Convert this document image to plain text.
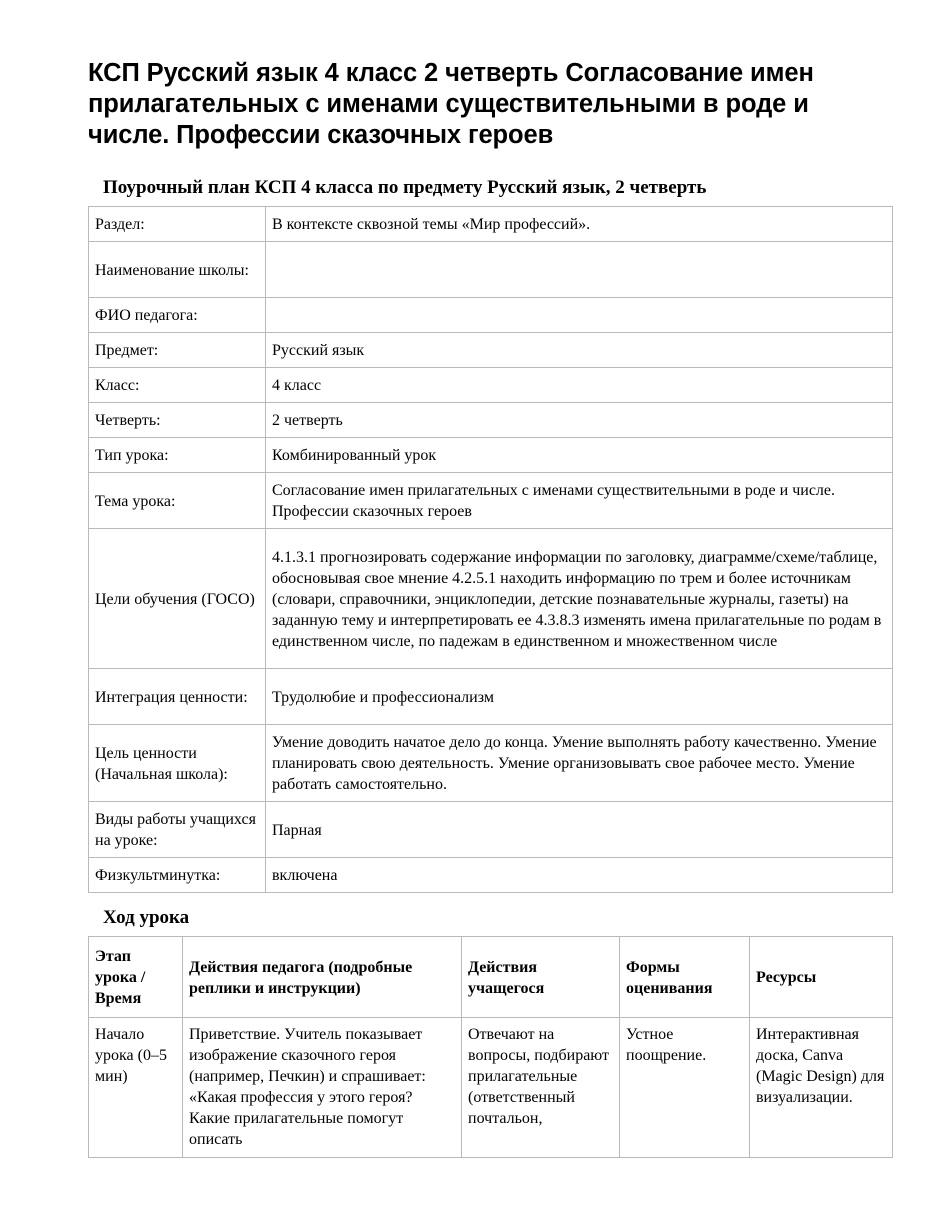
КСП Русский язык 4 класс 2 четверть Согласование имен прилагательных с именами существительными в роде и числе. Профессии сказочных героев
Поурочный план КСП 4 класса по предмету Русский язык, 2 четверть
Раздел:	В контексте сквозной темы «Мир профессий».
Наименование школы:	
ФИО педагога:	
Предмет:	Русский язык
Класс:	4 класс
Четверть:	2 четверть
Тип урока:	Комбинированный урок
Тема урока:	Согласование имен прилагательных с именами существительными в роде и числе. Профессии сказочных героев
Цели обучения (ГОСО)	4.1.3.1 прогнозировать содержание информации по заголовку, диаграмме/схеме/таблице, обосновывая свое мнение 4.2.5.1 находить информацию по трем и более источникам (словари, справочники, энциклопедии, детские познавательные журналы, газеты) на заданную тему и интерпретировать ее 4.3.8.3 изменять имена прилагательные по родам в единственном числе, по падежам в единственном и множественном числе
Интеграция ценности:	Трудолюбие и профессионализм
Цель ценности (Начальная школа):	Умение доводить начатое дело до конца. Умение выполнять работу качественно. Умение планировать свою деятельность. Умение организовывать свое рабочее место. Умение работать самостоятельно.
Виды работы учащихся на уроке:	Парная
Физкультминутка:	включена
Ход урока
Этап урока / Время	Действия педагога (подробные реплики и инструкции)	Действия учащегося	Формы оценивания	Ресурсы
Начало урока (0–5 мин)	Приветствие. Учитель показывает изображение сказочного героя (например, Печкин) и спрашивает: «Какая профессия у этого героя? Какие прилагательные помогут описать	Отвечают на вопросы, подбирают прилагательные (ответственный почтальон,	Устное поощрение.	Интерактивная доска, Canva (Magic Design) для визуализации.
